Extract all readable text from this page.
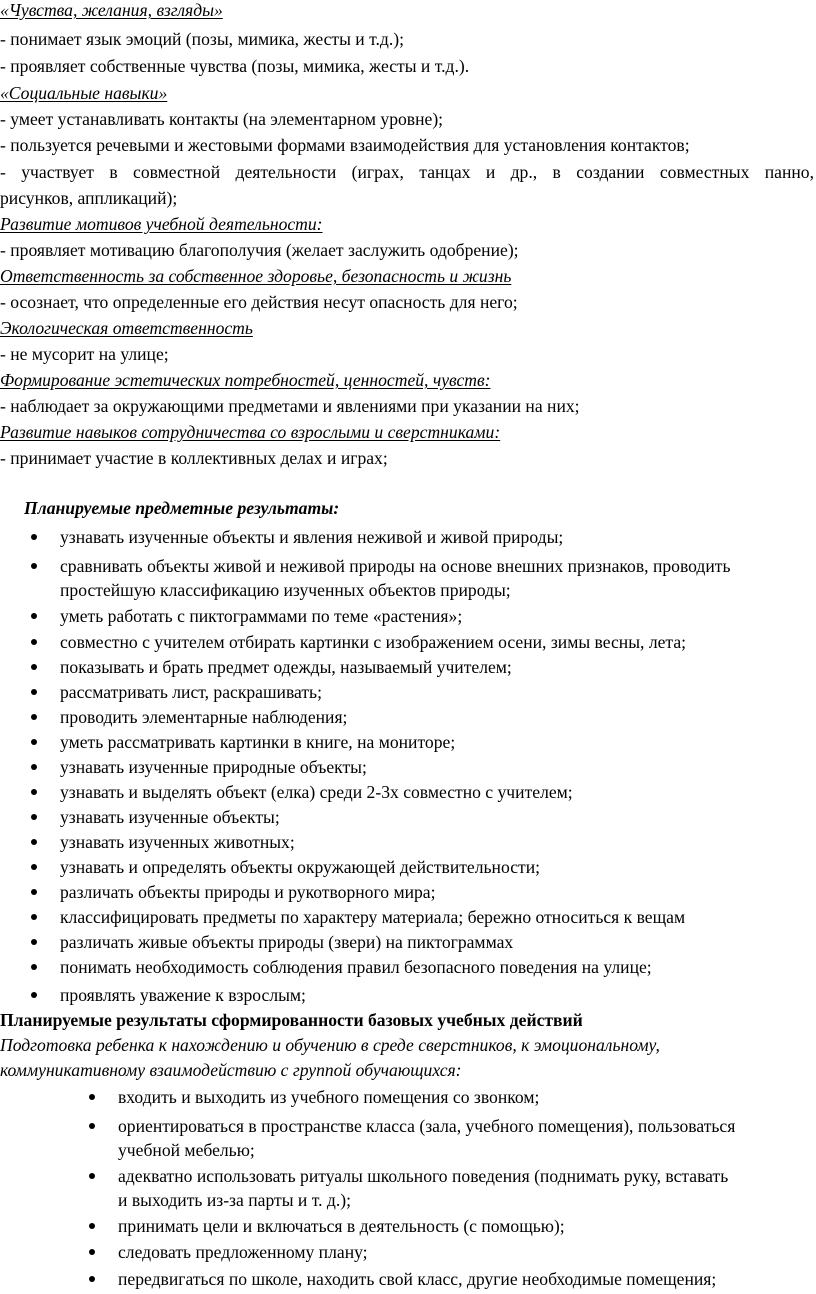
«Чувства, желания, взгляды»
- понимает язык эмоций (позы, мимика, жесты и т.д.);
- проявляет собственные чувства (позы, мимика, жесты и т.д.).
«Социальные навыки»
- умеет устанавливать контакты (на элементарном уровне);
- пользуется речевыми и жестовыми формами взаимодействия для установления контактов;
- участвует в совместной деятельности (играх, танцах и др., в создании совместных панно,
рисунков, аппликаций);
Развитие мотивов учебной деятельности:
- проявляет мотивацию благополучия (желает заслужить одобрение);
Ответственность за собственное здоровье, безопасность и жизнь
- осознает, что определенные его действия несут опасность для него;
Экологическая ответственность
- не мусорит на улице;
Формирование эстетических потребностей, ценностей, чувств:
- наблюдает за окружающими предметами и явлениями при указании на них;
Развитие навыков сотрудничества со взрослыми и сверстниками:
- принимает участие в коллективных делах и играх;
Планируемые предметные результаты:
узнавать изученные объекты и явления неживой и живой природы;
сравнивать объекты живой и неживой природы на основе внешних признаков, проводить
простейшую классификацию изученных объектов природы;
уметь работать с пиктограммами по теме «растения»;
совместно с учителем отбирать картинки с изображением осени, зимы весны, лета;
показывать и брать предмет одежды, называемый учителем;
рассматривать лист, раскрашивать;
проводить элементарные наблюдения;
уметь рассматривать картинки в книге, на мониторе;
узнавать изученные природные объекты;
узнавать и выделять объект (елка) среди 2-3х совместно с учителем;
узнавать изученные объекты;
узнавать изученных животных;
узнавать и определять объекты окружающей действительности;
различать объекты природы и рукотворного мира;
классифицировать предметы по характеру материала; бережно относиться к вещам
различать живые объекты природы (звери) на пиктограммах
понимать необходимость соблюдения правил безопасного поведения на улице;
проявлять уважение к взрослым;
Планируемые результаты сформированности базовых учебных действий
Подготовка ребенка к нахождению и обучению в среде сверстников, к эмоциональному,
коммуникативному взаимодействию с группой обучающихся:
входить и выходить из учебного помещения со звонком;
ориентироваться в пространстве класса (зала, учебного помещения), пользоваться
учебной мебелью;
адекватно использовать ритуалы школьного поведения (поднимать руку, вставать
и выходить из-за парты и т. д.);
принимать цели и включаться в деятельность (с помощью);
следовать предложенному плану;
передвигаться по школе, находить свой класс, другие необходимые помещения;
